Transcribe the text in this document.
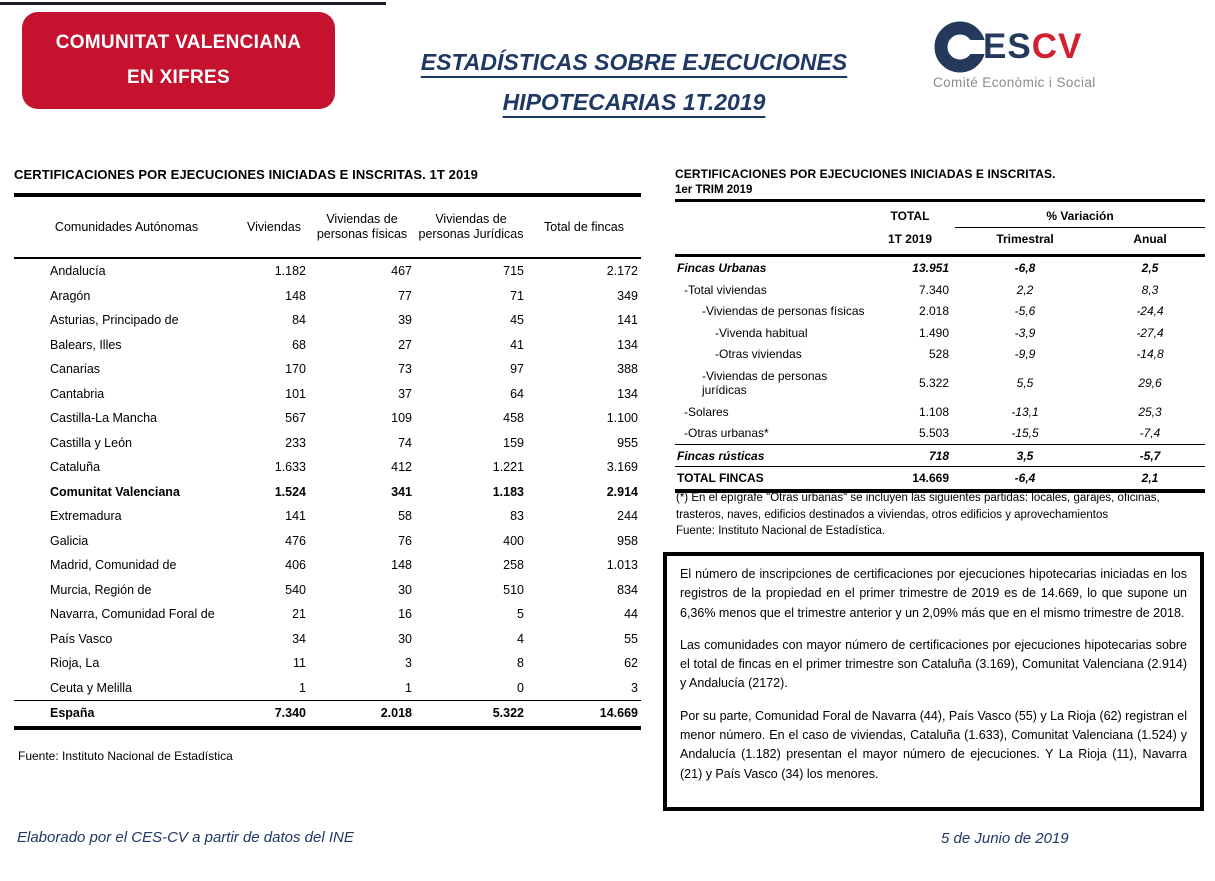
COMUNITAT VALENCIANA
EN XIFRES
ESTADÍSTICAS SOBRE EJECUCIONES
HIPOTECARIAS 1T.2019
ES CV
Comité Econòmic i Social
CERTIFICACIONES POR EJECUCIONES INICIADAS E INSCRITAS. 1T 2019
Comunidades Autónomas	Viviendas	Viviendas de personas físicas	Viviendas de personas Jurídicas	Total de fincas
Andalucía	1.182	467	715	2.172
Aragón	148	77	71	349
Asturias, Principado de	84	39	45	141
Balears, Illes	68	27	41	134
Canarias	170	73	97	388
Cantabria	101	37	64	134
Castilla-La Mancha	567	109	458	1.100
Castilla y León	233	74	159	955
Cataluña	1.633	412	1.221	3.169
Comunitat Valenciana	1.524	341	1.183	2.914
Extremadura	141	58	83	244
Galicia	476	76	400	958
Madrid, Comunidad de	406	148	258	1.013
Murcia, Región de	540	30	510	834
Navarra, Comunidad Foral de	21	16	5	44
País Vasco	34	30	4	55
Rioja, La	11	3	8	62
Ceuta y Melilla	1	1	0	3
España	7.340	2.018	5.322	14.669
Fuente: Instituto Nacional de Estadística
CERTIFICACIONES POR EJECUCIONES INICIADAS E INSCRITAS.
1er TRIM 2019
	TOTAL	% Variación	
	1T 2019	Trimestral	Anual
Fincas Urbanas	13.951	-6,8	2,5
-Total viviendas	7.340	2,2	8,3
-Viviendas de personas físicas	2.018	-5,6	-24,4
-Vivenda habitual	1.490	-3,9	-27,4
-Otras viviendas	528	-9,9	-14,8
-Viviendas de personas jurídicas	5.322	5,5	29,6
-Solares	1.108	-13,1	25,3
-Otras urbanas*	5.503	-15,5	-7,4
Fincas rústicas	718	3,5	-5,7
TOTAL FINCAS	14.669	-6,4	2,1
(*) En el epígrafe "Otras urbanas" se incluyen las siguientes partidas: locales, garajes, oficinas, trasteros, naves, edificios destinados a viviendas, otros edificios y aprovechamientos
Fuente: Instituto Nacional de Estadística.

El número de inscripciones de certificaciones por ejecuciones hipotecarias iniciadas en los registros de la propiedad en el primer trimestre de 2019 es de 14.669, lo que supone un 6,36% menos que el trimestre anterior y un 2,09% más que en el mismo trimestre de 2018.

Las comunidades con mayor número de certificaciones por ejecuciones hipotecarias sobre el total de fincas en el primer trimestre son Cataluña (3.169), Comunitat Valenciana (2.914) y Andalucía (2172).

Por su parte, Comunidad Foral de Navarra (44), País Vasco (55) y La Rioja (62) registran el menor número. En el caso de viviendas, Cataluña (1.633), Comunitat Valenciana (1.524) y Andalucía (1.182) presentan el mayor número de ejecuciones. Y La Rioja (11), Navarra (21) y País Vasco (34) los menores.

Elaborado por el CES-CV a partir de datos del INE	5 de Junio de 2019
